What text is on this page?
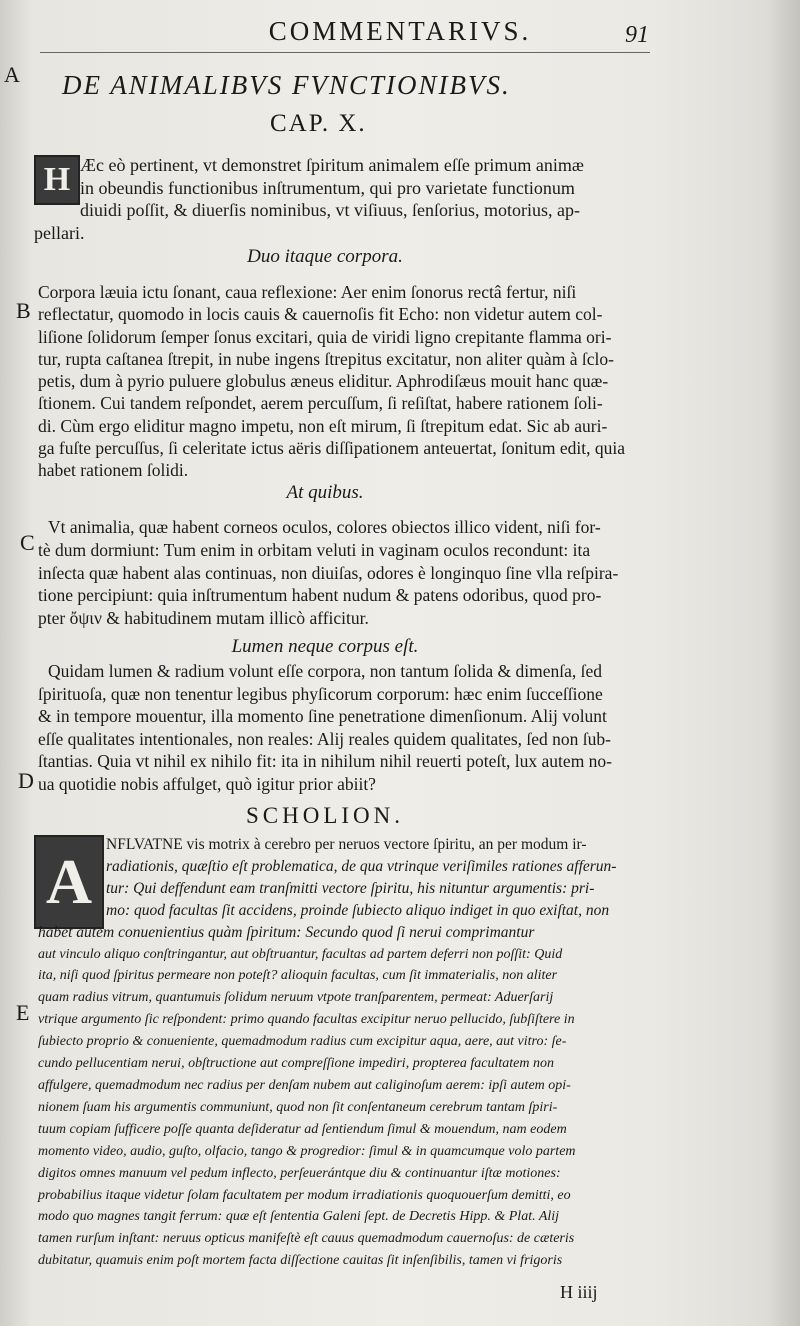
COMMENTARIVS.	91
A
B
C
D
E
DE ANIMALIBVS FVNCTIONIBVS.
CAP. X.
H Æc eò pertinent, vt demonstret ſpiritum animalem eſſe primum animæ
in obeundis functionibus inſtrumentum, qui pro varietate functionum
diuidi poſſit, & diuerſis nominibus, vt viſiuus, ſenſorius, motorius, ap-
pellari.
Duo itaque corpora.
Corpora læuia ictu ſonant, caua reflexione: Aer enim ſonorus rectâ fertur, niſi
reflectatur, quomodo in locis cauis & cauernoſis fit Echo: non videtur autem col-
liſione ſolidorum ſemper ſonus excitari, quia de viridi ligno crepitante flamma ori-
tur, rupta caſtanea ſtrepit, in nube ingens ſtrepitus excitatur, non aliter quàm à ſclo-
petis, dum à pyrio puluere globulus æneus eliditur. Aphrodiſæus mouit hanc quæ-
ſtionem. Cui tandem reſpondet, aerem percuſſum, ſi reſiſtat, habere rationem ſoli-
di. Cùm ergo eliditur magno impetu, non eſt mirum, ſi ſtrepitum edat. Sic ab auri-
ga fuſte percuſſus, ſi celeritate ictus aëris diſſipationem anteuertat, ſonitum edit, quia
habet rationem ſolidi.
At quibus.
Vt animalia, quæ habent corneos oculos, colores obiectos illico vident, niſi for-
tè dum dormiunt: Tum enim in orbitam veluti in vaginam oculos recondunt: ita
inſecta quæ habent alas continuas, non diuiſas, odores è longinquo ſine vlla reſpira-
tione percipiunt: quia inſtrumentum habent nudum & patens odoribus, quod pro-
pter ὄψιν & habitudinem mutam illicò afficitur.
Lumen neque corpus eſt.
Quidam lumen & radium volunt eſſe corpora, non tantum ſolida & dimenſa, ſed
ſpirituoſa, quæ non tenentur legibus phyſicorum corporum: hæc enim ſucceſſione
& in tempore mouentur, illa momento ſine penetratione dimenſionum. Alij volunt
eſſe qualitates intentionales, non reales: Alij reales quidem qualitates, ſed non ſub-
ſtantias. Quia vt nihil ex nihilo fit: ita in nihilum nihil reuerti poteſt, lux autem no-
ua quotidie nobis affulget, quò igitur prior abiit?
SCHOLION.
A
NFLVATNE vis motrix à cerebro per neruos vectore ſpiritu, an per modum ir-
radiationis, quæſtio eſt problematica, de qua vtrinque veriſimiles rationes afferun-
tur: Qui deffendunt eam tranſmitti vectore ſpiritu, his nituntur argumentis: pri-
mo: quod facultas ſit accidens, proinde ſubiecto aliquo indiget in quo exiſtat, non
habet autem conuenientius quàm ſpiritum: Secundo quod ſi nerui comprimantur
aut vinculo aliquo conſtringantur, aut obſtruantur, facultas ad partem deferri non poſſit: Quid
ita, niſi quod ſpiritus permeare non poteſt? alioquin facultas, cum ſit immaterialis, non aliter
quam radius vitrum, quantumuis ſolidum neruum vtpote tranſparentem, permeat: Aduerſarij
vtrique argumento ſic reſpondent: primo quando facultas excipitur neruo pellucido, ſubſiſtere in
ſubiecto proprio & conueniente, quemadmodum radius cum excipitur aqua, aere, aut vitro: ſe-
cundo pellucentiam nerui, obſtructione aut compreſſione impediri, propterea facultatem non
affulgere, quemadmodum nec radius per denſam nubem aut caliginoſum aerem: ipſi autem opi-
nionem ſuam his argumentis communiunt, quod non ſit conſentaneum cerebrum tantam ſpiri-
tuum copiam ſufficere poſſe quanta deſideratur ad ſentiendum ſimul & mouendum, nam eodem
momento video, audio, guſto, olfacio, tango & progredior: ſimul & in quamcumque volo partem
digitos omnes manuum vel pedum inflecto, perſeuerántque diu & continuantur iſtæ motiones:
probabilius itaque videtur ſolam facultatem per modum irradiationis quoquouerſum demitti, eo
modo quo magnes tangit ferrum: quæ eſt ſententia Galeni ſept. de Decretis Hipp. & Plat. Alij
tamen rurſum inſtant: neruus opticus manifeſtè eſt cauus quemadmodum cauernoſus: de cæteris
dubitatur, quamuis enim poſt mortem facta diſſectione cauitas ſit inſenſibilis, tamen vi frigoris
H iiij
